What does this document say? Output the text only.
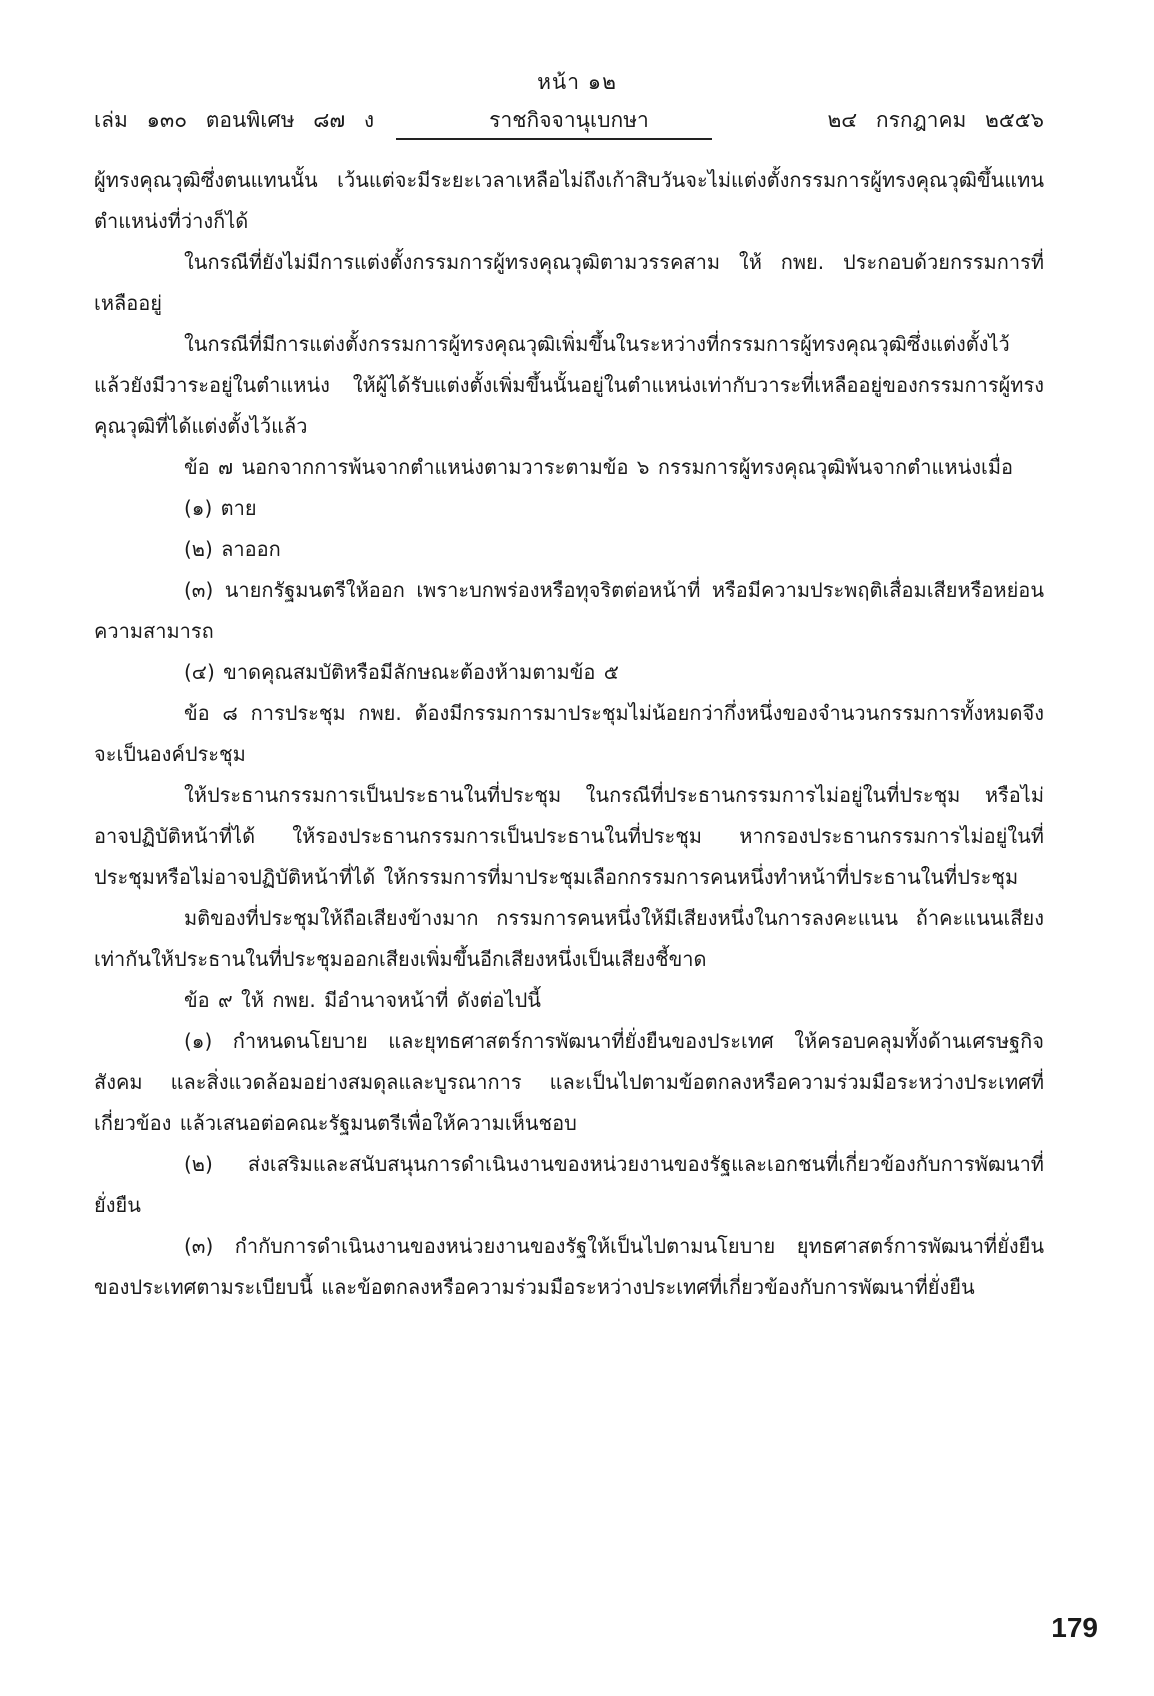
หน้า ๑๒
เล่ม ๑๓๐ ตอนพิเศษ ๘๗ ง	ราชกิจจานุเบกษา	๒๔ กรกฎาคม ๒๕๕๖

ผู้ทรงคุณวุฒิซึ่งตนแทนนั้น เว้นแต่จะมีระยะเวลาเหลือไม่ถึงเก้าสิบวันจะไม่แต่งตั้งกรรมการผู้ทรงคุณวุฒิขึ้นแทนตำแหน่งที่ว่างก็ได้

ในกรณีที่ยังไม่มีการแต่งตั้งกรรมการผู้ทรงคุณวุฒิตามวรรคสาม ให้ กพย. ประกอบด้วยกรรมการที่เหลืออยู่

ในกรณีที่มีการแต่งตั้งกรรมการผู้ทรงคุณวุฒิเพิ่มขึ้นในระหว่างที่กรรมการผู้ทรงคุณวุฒิซึ่งแต่งตั้งไว้แล้วยังมีวาระอยู่ในตำแหน่ง ให้ผู้ได้รับแต่งตั้งเพิ่มขึ้นนั้นอยู่ในตำแหน่งเท่ากับวาระที่เหลืออยู่ของกรรมการผู้ทรงคุณวุฒิที่ได้แต่งตั้งไว้แล้ว

ข้อ ๗ นอกจากการพ้นจากตำแหน่งตามวาระตามข้อ ๖ กรรมการผู้ทรงคุณวุฒิพ้นจากตำแหน่งเมื่อ

(๑) ตาย

(๒) ลาออก

(๓) นายกรัฐมนตรีให้ออก เพราะบกพร่องหรือทุจริตต่อหน้าที่ หรือมีความประพฤติเสื่อมเสียหรือหย่อนความสามารถ

(๔) ขาดคุณสมบัติหรือมีลักษณะต้องห้ามตามข้อ ๕

ข้อ ๘ การประชุม กพย. ต้องมีกรรมการมาประชุมไม่น้อยกว่ากึ่งหนึ่งของจำนวนกรรมการทั้งหมดจึงจะเป็นองค์ประชุม

ให้ประธานกรรมการเป็นประธานในที่ประชุม ในกรณีที่ประธานกรรมการไม่อยู่ในที่ประชุม หรือไม่อาจปฏิบัติหน้าที่ได้ ให้รองประธานกรรมการเป็นประธานในที่ประชุม หากรองประธานกรรมการไม่อยู่ในที่ประชุมหรือไม่อาจปฏิบัติหน้าที่ได้ ให้กรรมการที่มาประชุมเลือกกรรมการคนหนึ่งทำหน้าที่ประธานในที่ประชุม

มติของที่ประชุมให้ถือเสียงข้างมาก กรรมการคนหนึ่งให้มีเสียงหนึ่งในการลงคะแนน ถ้าคะแนนเสียงเท่ากันให้ประธานในที่ประชุมออกเสียงเพิ่มขึ้นอีกเสียงหนึ่งเป็นเสียงชี้ขาด

ข้อ ๙ ให้ กพย. มีอำนาจหน้าที่ ดังต่อไปนี้

(๑) กำหนดนโยบาย และยุทธศาสตร์การพัฒนาที่ยั่งยืนของประเทศ ให้ครอบคลุมทั้งด้านเศรษฐกิจ สังคม และสิ่งแวดล้อมอย่างสมดุลและบูรณาการ และเป็นไปตามข้อตกลงหรือความร่วมมือระหว่างประเทศที่เกี่ยวข้อง แล้วเสนอต่อคณะรัฐมนตรีเพื่อให้ความเห็นชอบ

(๒) ส่งเสริมและสนับสนุนการดำเนินงานของหน่วยงานของรัฐและเอกชนที่เกี่ยวข้องกับการพัฒนาที่ยั่งยืน

(๓) กำกับการดำเนินงานของหน่วยงานของรัฐให้เป็นไปตามนโยบาย ยุทธศาสตร์การพัฒนาที่ยั่งยืนของประเทศตามระเบียบนี้ และข้อตกลงหรือความร่วมมือระหว่างประเทศที่เกี่ยวข้องกับการพัฒนาที่ยั่งยืน

179
